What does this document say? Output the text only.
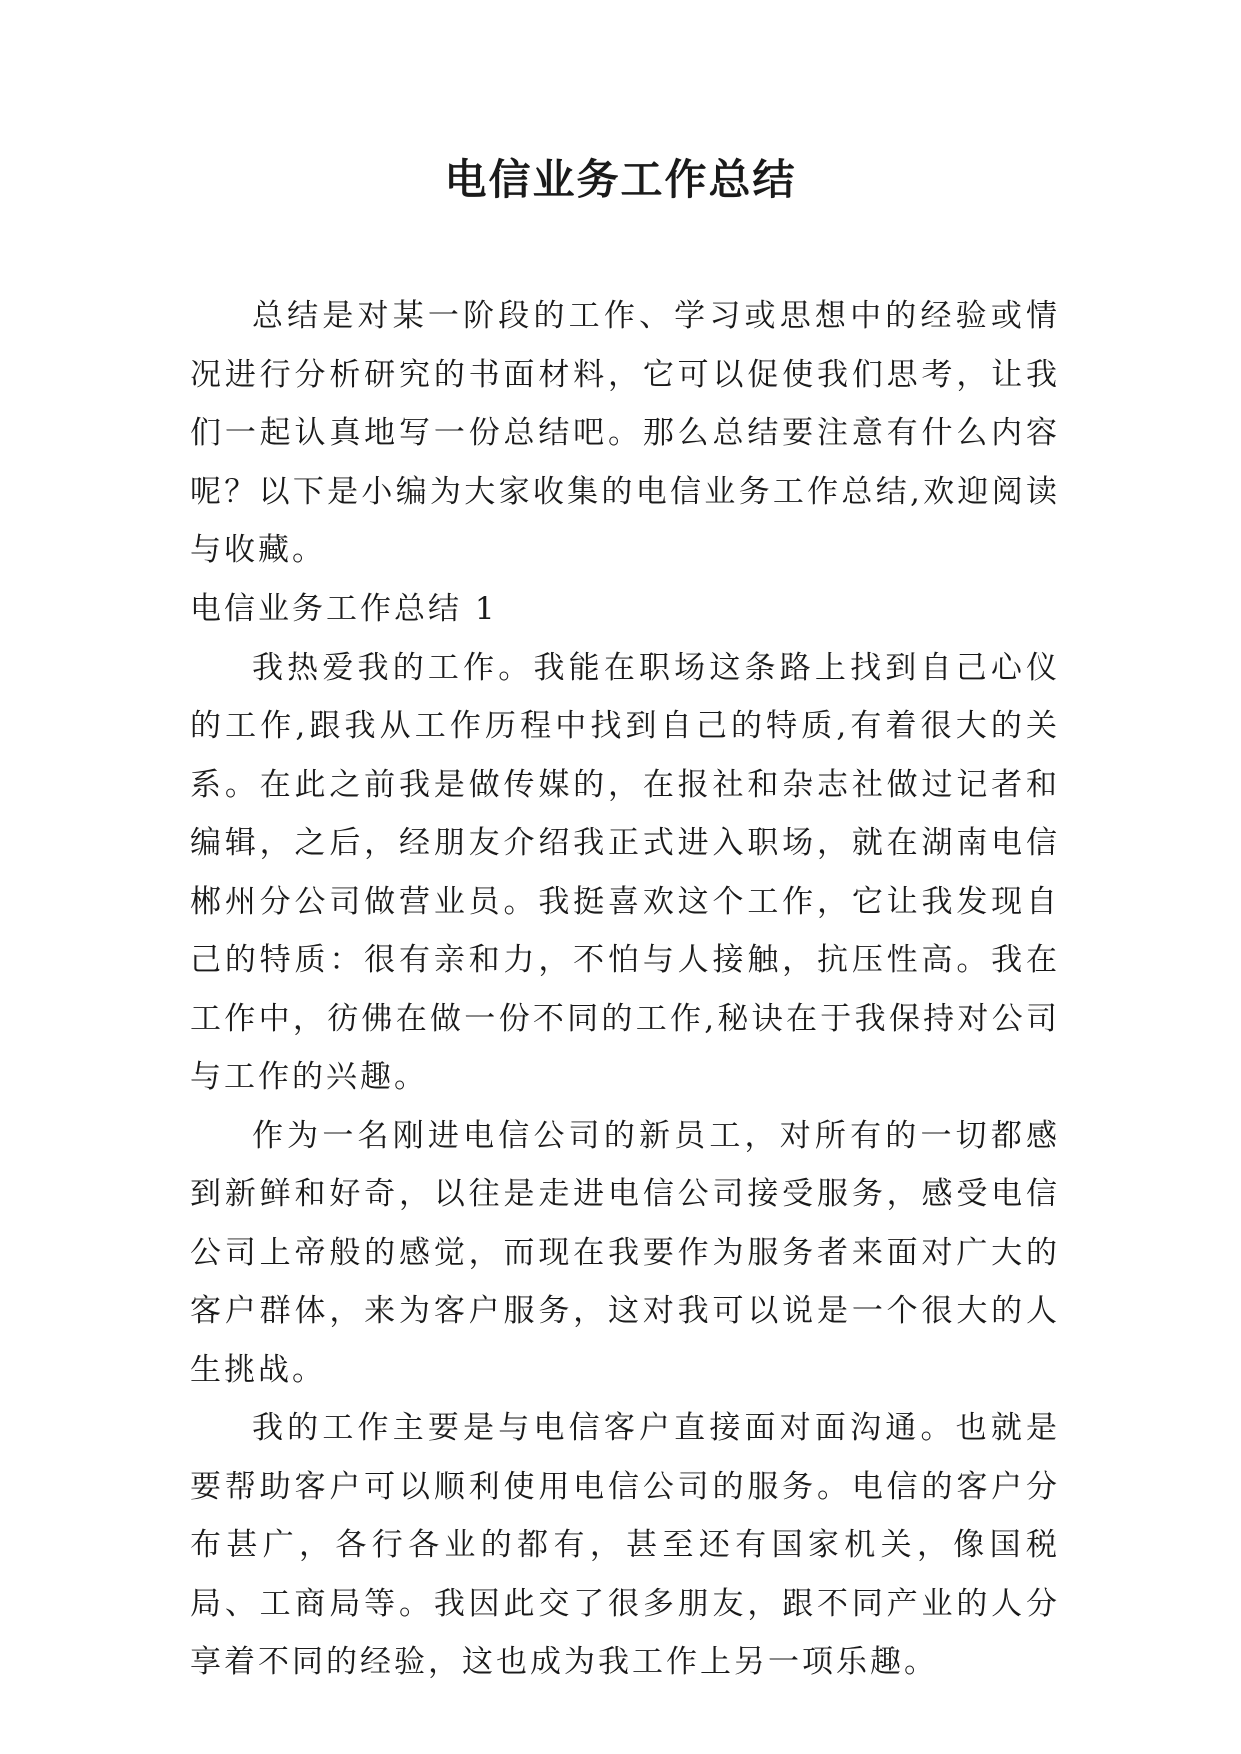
电信业务工作总结

总结是对某一阶段的工作、学习或思想中的经验或情况进行分析研究的书面材料，它可以促使我们思考，让我们一起认真地写一份总结吧。那么总结要注意有什么内容呢？以下是小编为大家收集的电信业务工作总结,欢迎阅读与收藏。

电信业务工作总结 1

我热爱我的工作。我能在职场这条路上找到自己心仪的工作,跟我从工作历程中找到自己的特质,有着很大的关系。在此之前我是做传媒的，在报社和杂志社做过记者和编辑，之后，经朋友介绍我正式进入职场，就在湖南电信郴州分公司做营业员。我挺喜欢这个工作，它让我发现自己的特质：很有亲和力，不怕与人接触，抗压性高。我在工作中，彷佛在做一份不同的工作,秘诀在于我保持对公司与工作的兴趣。

作为一名刚进电信公司的新员工，对所有的一切都感到新鲜和好奇，以往是走进电信公司接受服务，感受电信公司上帝般的感觉，而现在我要作为服务者来面对广大的客户群体，来为客户服务，这对我可以说是一个很大的人生挑战。

我的工作主要是与电信客户直接面对面沟通。也就是要帮助客户可以顺利使用电信公司的服务。电信的客户分布甚广，各行各业的都有，甚至还有国家机关，像国税局、工商局等。我因此交了很多朋友，跟不同产业的人分享着不同的经验，这也成为我工作上另一项乐趣。
